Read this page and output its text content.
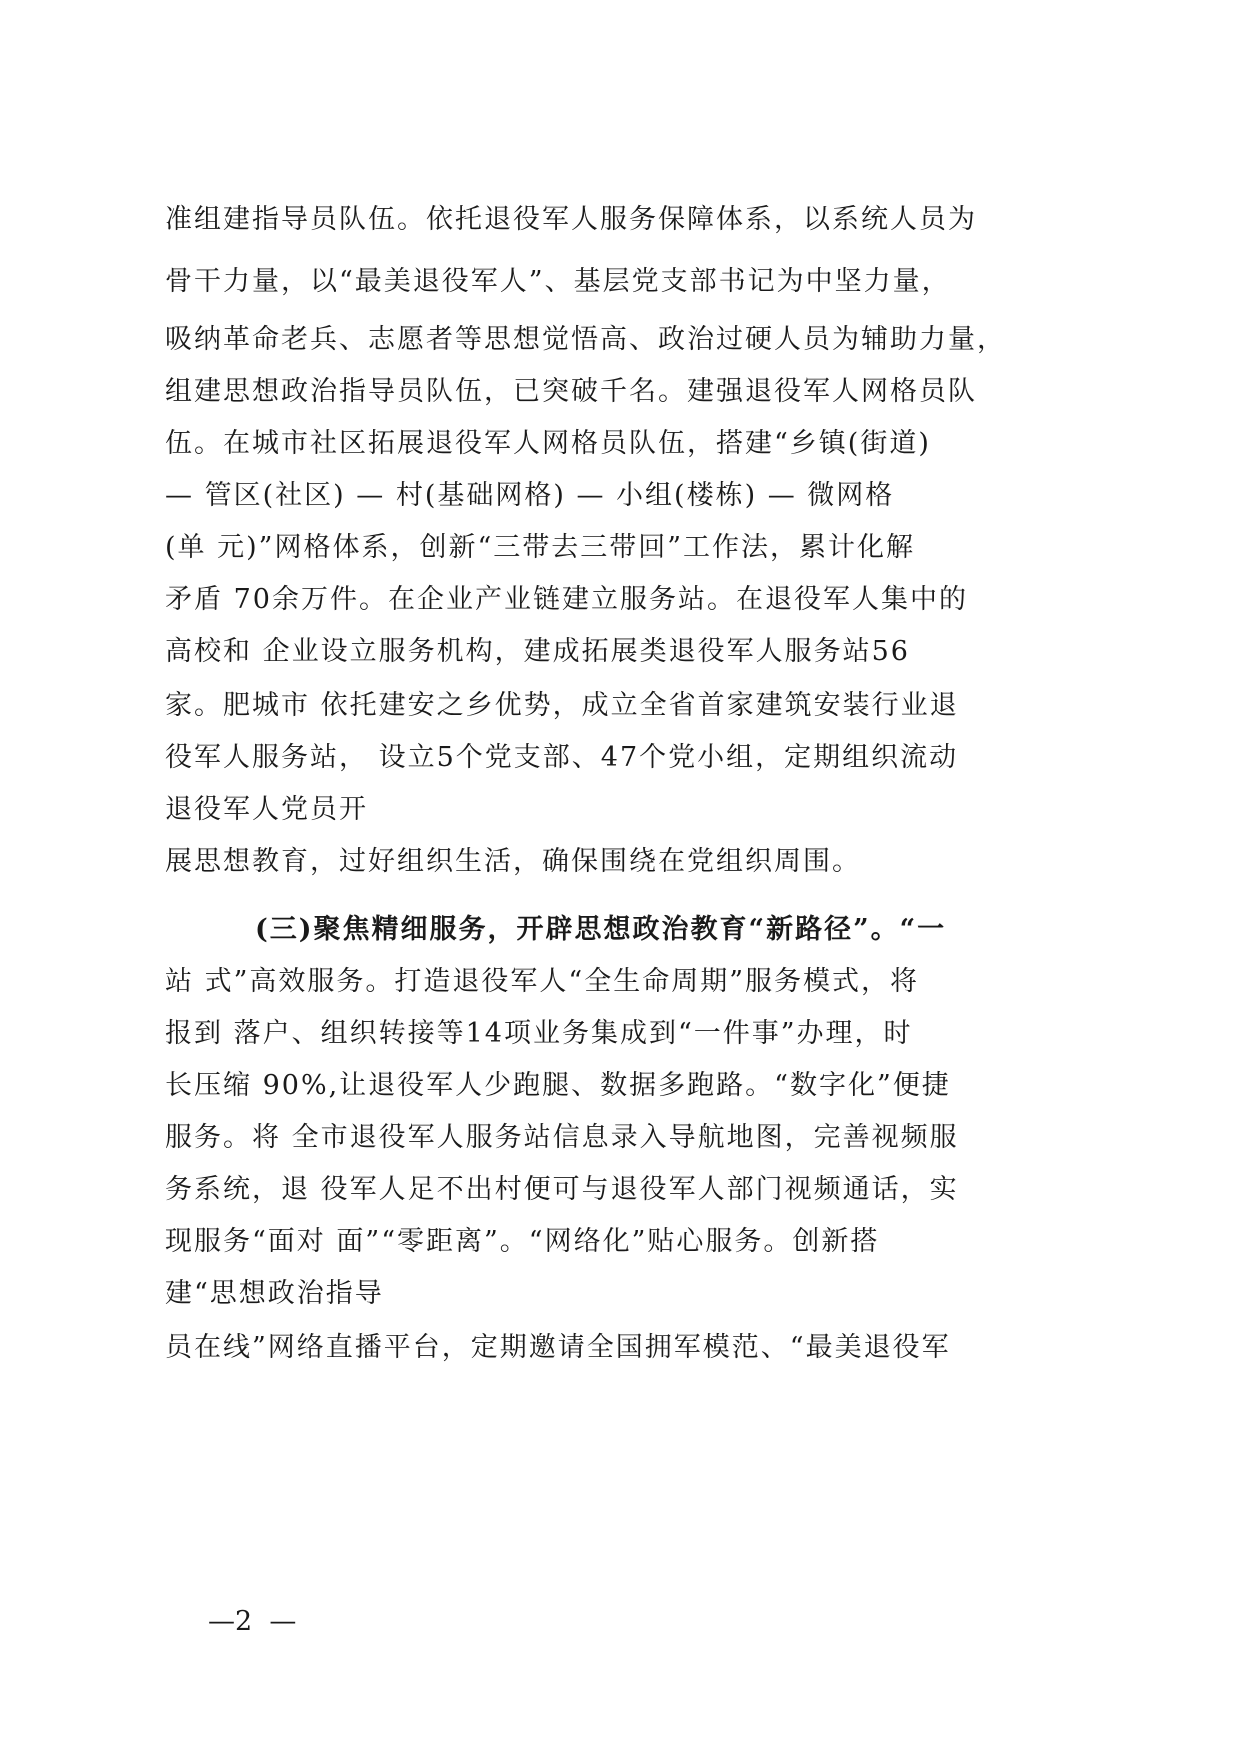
准组建指导员队伍。依托退役军人服务保障体系，以系统人员为
骨干力量，以“最美退役军人”、基层党支部书记为中坚力量，
吸纳革命老兵、志愿者等思想觉悟高、政治过硬人员为辅助力量，
组建思想政治指导员队伍，已突破千名。建强退役军人网格员队
伍。在城市社区拓展退役军人网格员队伍，搭建“乡镇(街道)
— 管区(社区) — 村(基础网格) — 小组(楼栋) — 微网格
(单 元)”网格体系，创新“三带去三带回”工作法，累计化解
矛盾 70余万件。在企业产业链建立服务站。在退役军人集中的
高校和 企业设立服务机构，建成拓展类退役军人服务站56
家。肥城市 依托建安之乡优势，成立全省首家建筑安装行业退
役军人服务站， 设立5个党支部、47个党小组，定期组织流动
退役军人党员开
展思想教育，过好组织生活，确保围绕在党组织周围。
(三)聚焦精细服务，开辟思想政治教育“新路径”。“一
站 式”高效服务。打造退役军人“全生命周期”服务模式，将
报到 落户、组织转接等14项业务集成到“一件事”办理，时
长压缩 90%,让退役军人少跑腿、数据多跑路。“数字化”便捷
服务。将 全市退役军人服务站信息录入导航地图，完善视频服
务系统，退 役军人足不出村便可与退役军人部门视频通话，实
现服务“面对 面”“零距离”。“网络化”贴心服务。创新搭
建“思想政治指导
员在线”网络直播平台，定期邀请全国拥军模范、“最美退役军
—2  —
